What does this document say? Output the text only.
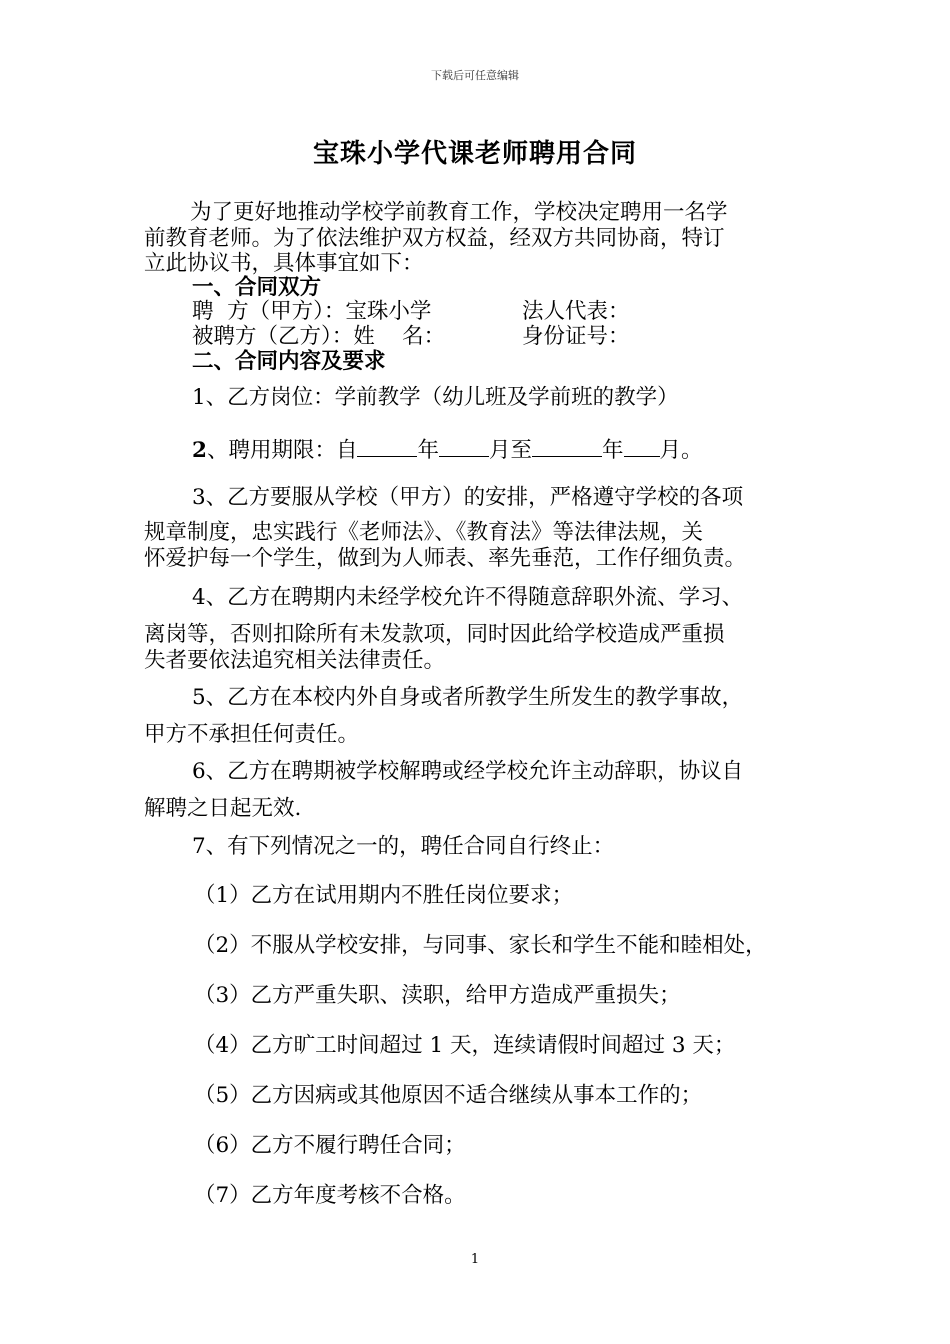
下载后可任意编辑
宝珠小学代课老师聘用合同
为了更好地推动学校学前教育工作，学校决定聘用一名学
前教育老师。为了依法维护双方权益，经双方共同协商，特订
立此协议书，具体事宜如下：
一、合同双方
聘  方（甲方）：宝珠小学	法人代表：
被聘方（乙方）：姓    名：	身份证号：
二、合同内容及要求
1、乙方岗位：学前教学（幼儿班及学前班的教学）
2、聘用期限：自	年 月至	年 月。
3、乙方要服从学校（甲方）的安排，严格遵守学校的各项
规章制度，忠实践行《老师法》、《教育法》等法律法规，关
怀爱护每一个学生，做到为人师表、率先垂范，工作仔细负责。
4、乙方在聘期内未经学校允许不得随意辞职外流、学习、
离岗等，否则扣除所有未发款项，同时因此给学校造成严重损
失者要依法追究相关法律责任。
5、乙方在本校内外自身或者所教学生所发生的教学事故，
甲方不承担任何责任。
6、乙方在聘期被学校解聘或经学校允许主动辞职，协议自
解聘之日起无效.
7、有下列情况之一的，聘任合同自行终止：
（1）乙方在试用期内不胜任岗位要求；
（2）不服从学校安排，与同事、家长和学生不能和睦相处，
（3）乙方严重失职、渎职，给甲方造成严重损失；
（4）乙方旷工时间超过 1 天，连续请假时间超过 3 天；
（5）乙方因病或其他原因不适合继续从事本工作的；
（6）乙方不履行聘任合同；
（7）乙方年度考核不合格。
1
